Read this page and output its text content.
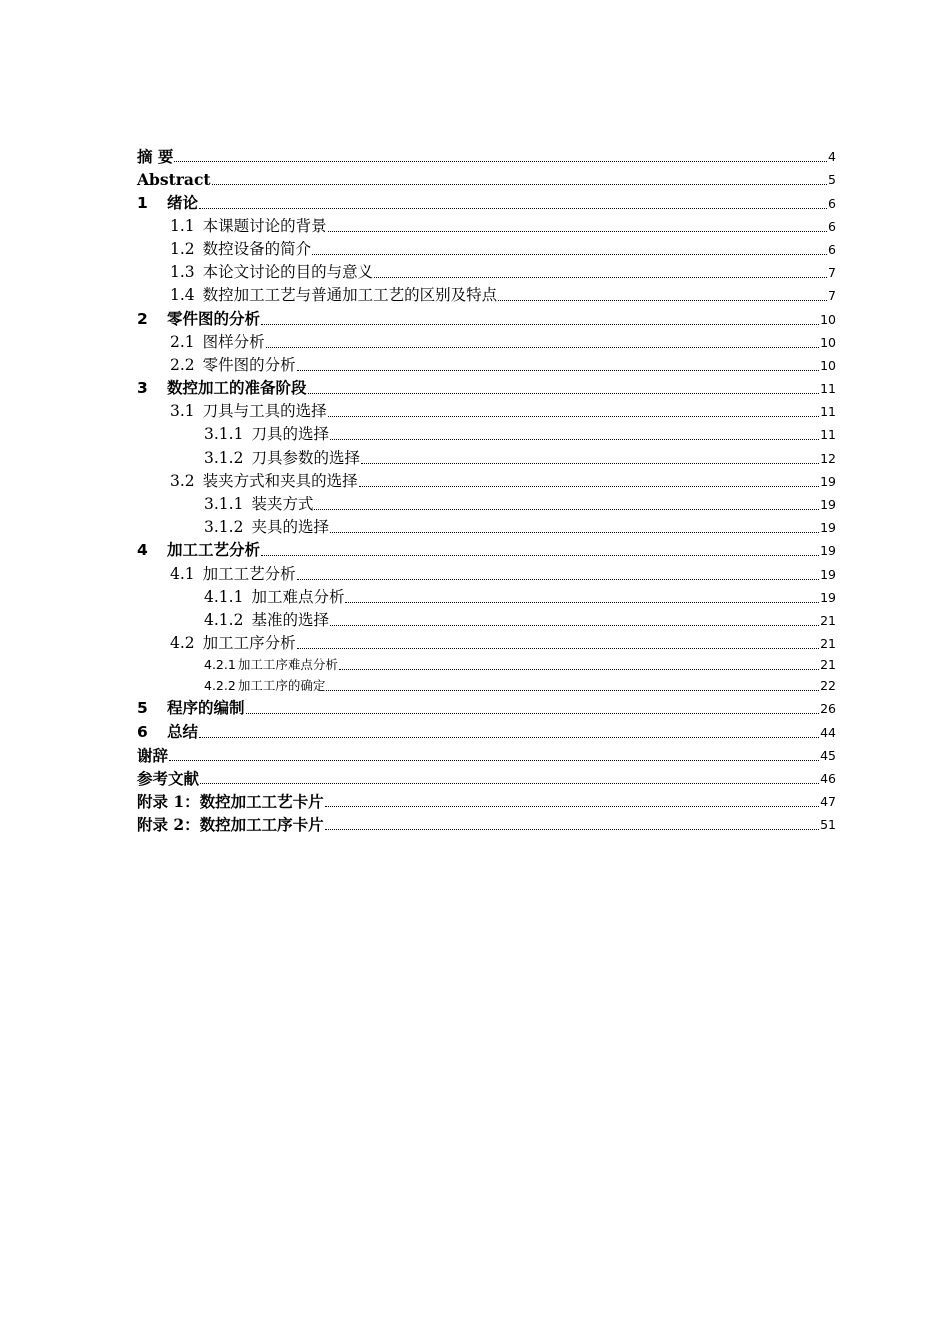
摘 要	4
Abstract	5
1	绪论	6
1.1 本课题讨论的背景	6
1.2 数控设备的简介	6
1.3 本论文讨论的目的与意义	7
1.4 数控加工工艺与普通加工工艺的区别及特点	7
2	零件图的分析	10
2.1 图样分析	10
2.2 零件图的分析	10
3	数控加工的准备阶段	11
3.1 刀具与工具的选择	11
3.1.1 刀具的选择	11
3.1.2 刀具参数的选择	12
3.2 装夹方式和夹具的选择	19
3.1.1 装夹方式	19
3.1.2 夹具的选择	19
4	加工工艺分析	19
4.1 加工工艺分析	19
4.1.1 加工难点分析	19
4.1.2 基准的选择	21
4.2 加工工序分析	21
4.2.1 加工工序难点分析	21
4.2.2 加工工序的确定	22
5	程序的编制	26
6	总结	44
谢辞	45
参考文献	46
附录 1：数控加工工艺卡片	47
附录 2：数控加工工序卡片	51
